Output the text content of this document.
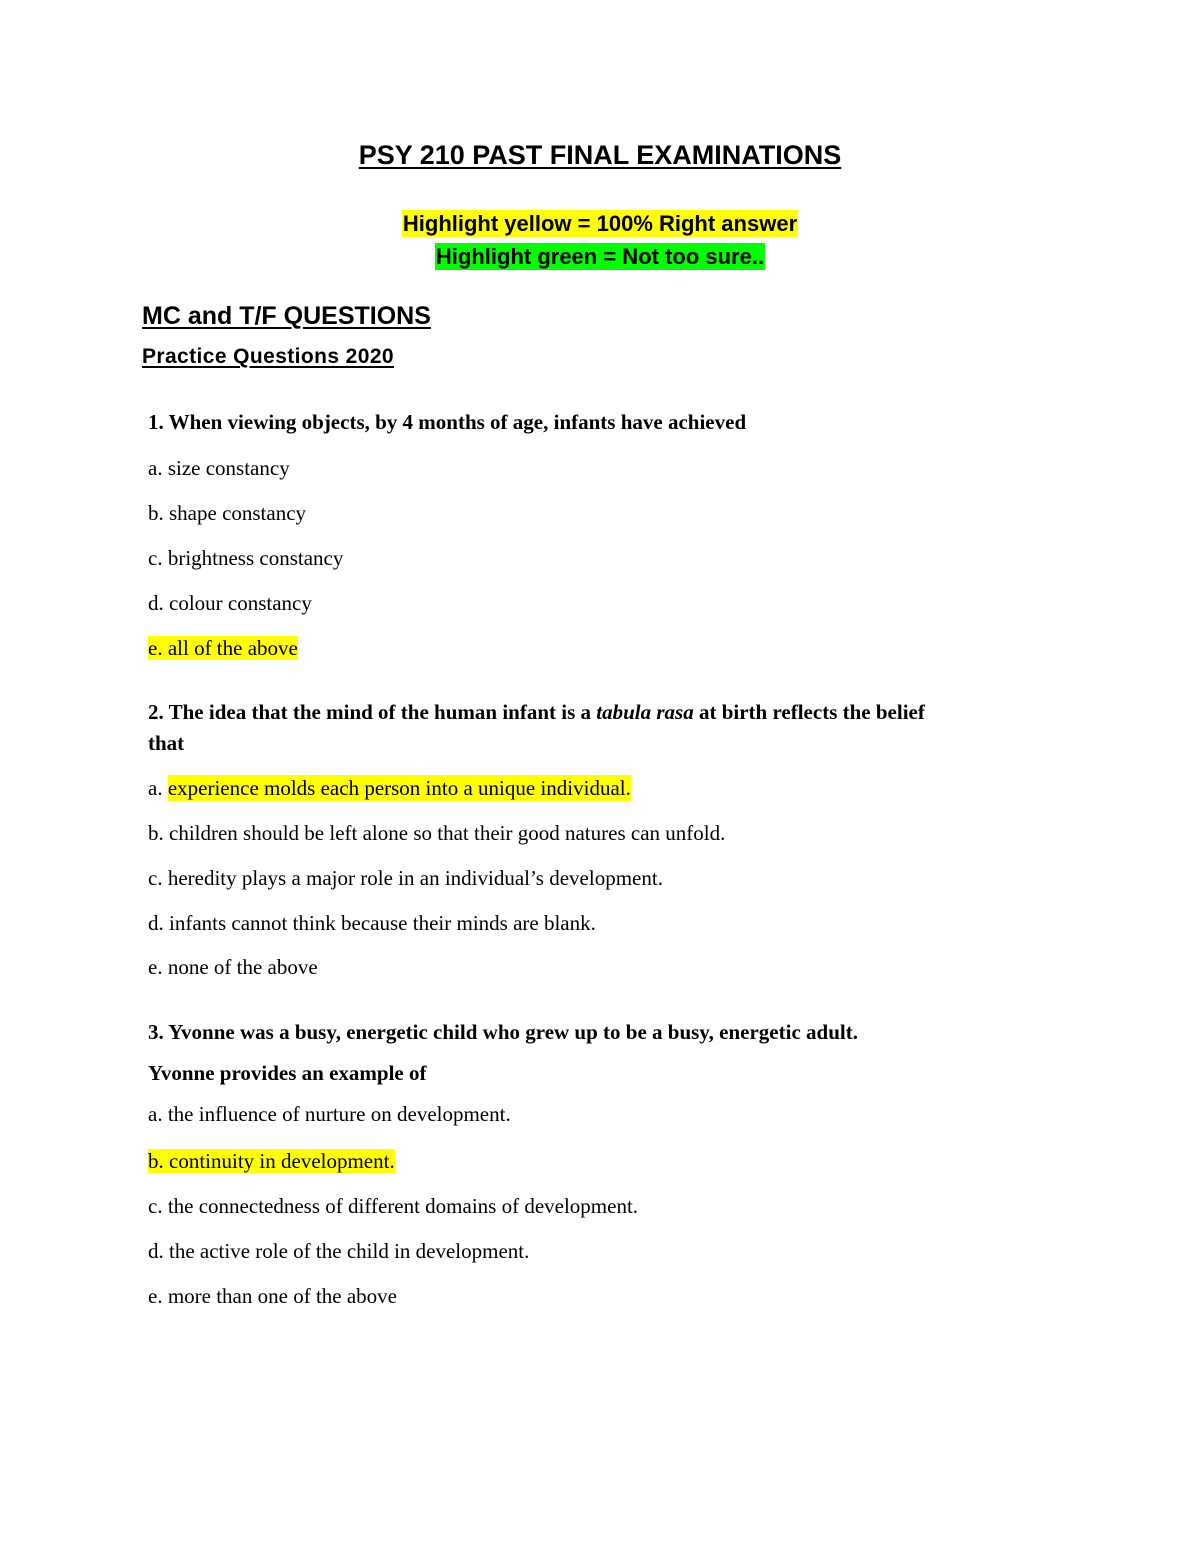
PSY 210 PAST FINAL EXAMINATIONS
Highlight yellow = 100% Right answer
Highlight green = Not too sure..
MC and T/F QUESTIONS
Practice Questions 2020
1. When viewing objects, by 4 months of age, infants have achieved
a. size constancy
b. shape constancy
c. brightness constancy
d. colour constancy
e. all of the above
2. The idea that the mind of the human infant is a tabula rasa at birth reflects the belief
that
a. experience molds each person into a unique individual.
b. children should be left alone so that their good natures can unfold.
c. heredity plays a major role in an individual’s development.
d. infants cannot think because their minds are blank.
e. none of the above
3. Yvonne was a busy, energetic child who grew up to be a busy, energetic adult.
Yvonne provides an example of
a. the influence of nurture on development.
b. continuity in development.
c. the connectedness of different domains of development.
d. the active role of the child in development.
e. more than one of the above
